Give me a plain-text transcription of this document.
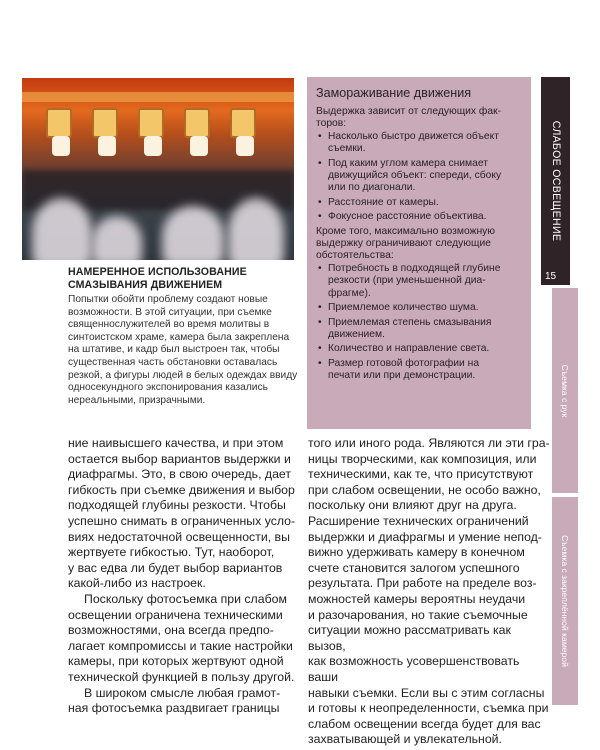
НАМЕРЕННОЕ ИСПОЛЬЗОВАНИЕ
СМАЗЫВАНИЯ ДВИЖЕНИЕМ

Попытки обойти проблему создают новые
возможности. В этой ситуации, при съемке
священнослужителей во время молитвы в
синтоистском храме, камера была закреплена
на штативе, и кадр был выстроен так, чтобы
существенная часть обстановки оставалась
резкой, а фигуры людей в белых одеждах ввиду
односекундного экспонирования казались
нереальными, призрачными.

Замораживание движения

Выдержка зависит от следующих фак-
торов:

• Насколько быстро движется объект
съемки.
• Под каким углом камера снимает
движущийся объект: спереди, сбоку
или по диагонали.
• Расстояние от камеры.
• Фокусное расстояние объектива.

Кроме того, максимально возможную
выдержку ограничивают следующие
обстоятельства:

• Потребность в подходящей глубине
резкости (при уменьшенной диа-
фрагме).
• Приемлемое количество шума.
• Приемлемая степень смазывания
движением.
• Количество и направление света.
• Размер готовой фотографии на
печати или при демонстрации.
СЛАБОЕ ОСВЕЩЕНИЕ
15
Съемка с рук
Съемка с закреплённой камерой

ние наивысшего качества, и при этом
остается выбор вариантов выдержки и
диафрагмы. Это, в свою очередь, дает
гибкость при съемке движения и выбор
подходящей глубины резкости. Чтобы
успешно снимать в ограниченных усло-
виях недостаточной освещенности, вы
жертвуете гибкостью. Тут, наоборот,
у вас едва ли будет выбор вариантов
какой-либо из настроек.

Поскольку фотосъемка при слабом
освещении ограничена техническими
возможностями, она всегда предпо-
лагает компромиссы и такие настройки
камеры, при которых жертвуют одной
технической функцией в пользу другой.

В широком смысле любая грамот-
ная фотосъемка раздвигает границы

того или иного рода. Являются ли эти гра-
ницы творческими, как композиция, или
техническими, как те, что присутствуют
при слабом освещении, не особо важно,
поскольку они влияют друг на друга.
Расширение технических ограничений
выдержки и диафрагмы и умение непод-
вижно удерживать камеру в конечном
счете становится залогом успешного
результата. При работе на пределе воз-
можностей камеры вероятны неудачи
и разочарования, но такие съемочные
ситуации можно рассматривать как вызов,
как возможность усовершенствовать ваши
навыки съемки. Если вы с этим согласны
и готовы к неопределенности, съемка при
слабом освещении всегда будет для вас
захватывающей и увлекательной.
